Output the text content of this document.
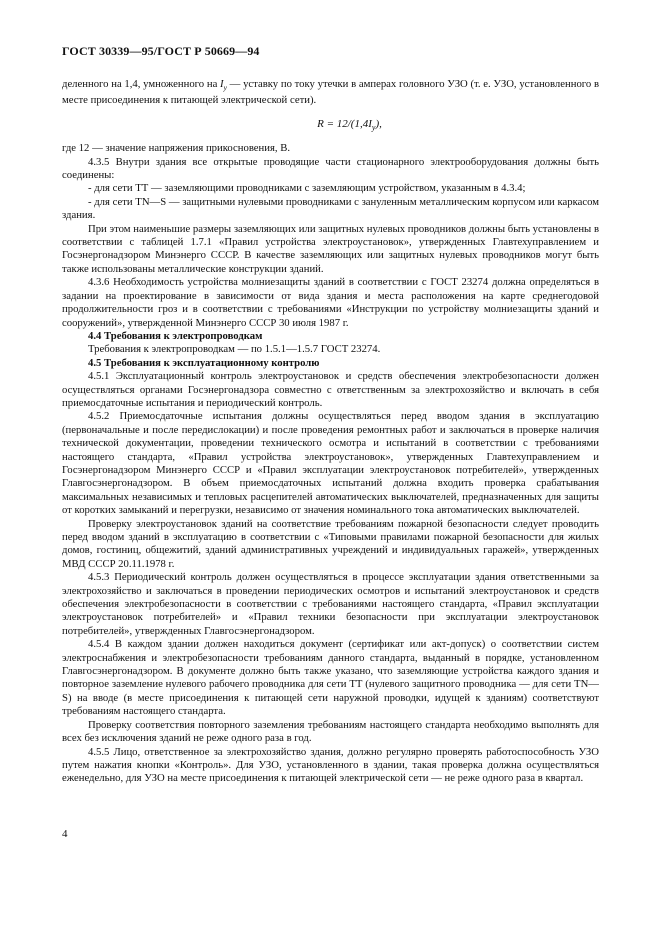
ГОСТ 30339—95/ГОСТ Р 50669—94

деленного на 1,4, умноженного на $I_y$ — уставку по току утечки в амперах головного УЗО (т. е. УЗО, установленного в месте присоединения к питающей электрической сети).

$R = 12/(1,4I_y)$,

где 12 — значение напряжения прикосновения, В.

4.3.5 Внутри здания все открытые проводящие части стационарного электрооборудования должны быть соединены:

- для сети ТТ — заземляющими проводниками с заземляющим устройством, указанным в 4.3.4;

- для сети ТN—S — защитными нулевыми проводниками с зануленным металлическим корпусом или каркасом здания.

При этом наименьшие размеры заземляющих или защитных нулевых проводников должны быть установлены в соответствии с таблицей 1.7.1 «Правил устройства электроустановок», утвержденных Главтехуправлением и Госэнергонадзором Минэнерго СССР. В качестве заземляющих или защитных нулевых проводников могут быть также использованы металлические конструкции зданий.

4.3.6 Необходимость устройства молниезащиты зданий в соответствии с ГОСТ 23274 должна определяться в задании на проектирование в зависимости от вида здания и места расположения на карте среднегодовой продолжительности гроз и в соответствии с требованиями «Инструкции по устройству молниезащиты зданий и сооружений», утвержденной Минэнерго СССР 30 июля 1987 г.

4.4 Требования к электропроводкам

Требования к электропроводкам — по 1.5.1—1.5.7 ГОСТ 23274.

4.5 Требования к эксплуатационному контролю

4.5.1 Эксплуатационный контроль электроустановок и средств обеспечения электробезопасности должен осуществляться органами Госэнергонадзора совместно с ответственным за электрохозяйство и включать в себя приемосдаточные испытания и периодический контроль.

4.5.2 Приемосдаточные испытания должны осуществляться перед вводом здания в эксплуатацию (первоначальные и после передислокации) и после проведения ремонтных работ и заключаться в проверке наличия технической документации, проведении технического осмотра и испытаний в соответствии с требованиями настоящего стандарта, «Правил устройства электроустановок», утвержденных Главтехуправлением и Госэнергонадзором Минэнерго СССР и «Правил эксплуатации электроустановок потребителей», утвержденных Главгосэнергонадзором. В объем приемосдаточных испытаний должна входить проверка срабатывания максимальных независимых и тепловых расцепителей автоматических выключателей, предназначенных для защиты от коротких замыканий и перегрузки, независимо от значения номинального тока автоматических выключателей.

Проверку электроустановок зданий на соответствие требованиям пожарной безопасности следует проводить перед вводом зданий в эксплуатацию в соответствии с «Типовыми правилами пожарной безопасности для жилых домов, гостиниц, общежитий, зданий административных учреждений и индивидуальных гаражей», утвержденных МВД СССР 20.11.1978 г.

4.5.3 Периодический контроль должен осуществляться в процессе эксплуатации здания ответственными за электрохозяйство и заключаться в проведении периодических осмотров и испытаний электроустановок и средств обеспечения электробезопасности в соответствии с требованиями настоящего стандарта, «Правил эксплуатации электроустановок потребителей» и «Правил техники безопасности при эксплуатации электроустановок потребителей», утвержденных Главгосэнергонадзором.

4.5.4 В каждом здании должен находиться документ (сертификат или акт-допуск) о соответствии систем электроснабжения и электробезопасности требованиям данного стандарта, выданный в порядке, установленном Главгосэнергонадзором. В документе должно быть также указано, что заземляющие устройства каждого здания и повторное заземление нулевого рабочего проводника для сети ТТ (нулевого защитного проводника — для сети TN—S) на вводе (в месте присоединения к питающей сети наружной проводки, идущей к зданиям) соответствуют требованиям настоящего стандарта.

Проверку соответствия повторного заземления требованиям настоящего стандарта необходимо выполнять для всех без исключения зданий не реже одного раза в год.

4.5.5 Лицо, ответственное за электрохозяйство здания, должно регулярно проверять работоспособность УЗО путем нажатия кнопки «Контроль». Для УЗО, установленного в здании, такая проверка должна осуществляться еженедельно, для УЗО на месте присоединения к питающей электрической сети — не реже одного раза в квартал.

4
